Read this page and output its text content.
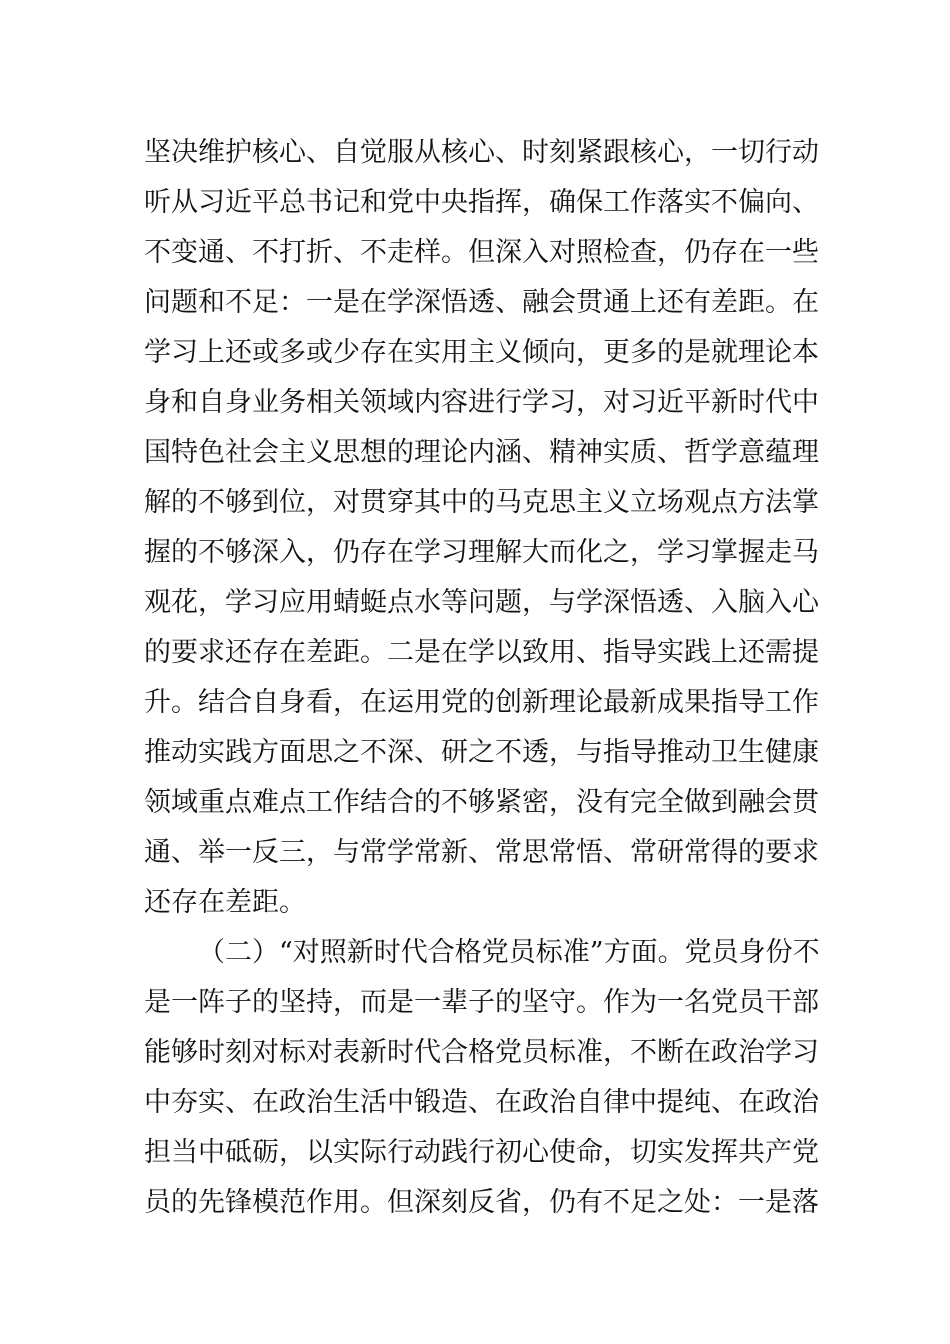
坚决维护核心、自觉服从核心、时刻紧跟核心，一切行动
听从习近平总书记和党中央指挥，确保工作落实不偏向、
不变通、不打折、不走样。但深入对照检查，仍存在一些
问题和不足：一是在学深悟透、融会贯通上还有差距。在
学习上还或多或少存在实用主义倾向，更多的是就理论本
身和自身业务相关领域内容进行学习，对习近平新时代中
国特色社会主义思想的理论内涵、精神实质、哲学意蕴理
解的不够到位，对贯穿其中的马克思主义立场观点方法掌
握的不够深入，仍存在学习理解大而化之，学习掌握走马
观花，学习应用蜻蜓点水等问题，与学深悟透、入脑入心
的要求还存在差距。二是在学以致用、指导实践上还需提
升。结合自身看，在运用党的创新理论最新成果指导工作
推动实践方面思之不深、研之不透，与指导推动卫生健康
领域重点难点工作结合的不够紧密，没有完全做到融会贯
通、举一反三，与常学常新、常思常悟、常研常得的要求
还存在差距。
（二）“对照新时代合格党员标准”方面。党员身份不
是一阵子的坚持，而是一辈子的坚守。作为一名党员干部
能够时刻对标对表新时代合格党员标准，不断在政治学习
中夯实、在政治生活中锻造、在政治自律中提纯、在政治
担当中砥砺，以实际行动践行初心使命，切实发挥共产党
员的先锋模范作用。但深刻反省，仍有不足之处：一是落
